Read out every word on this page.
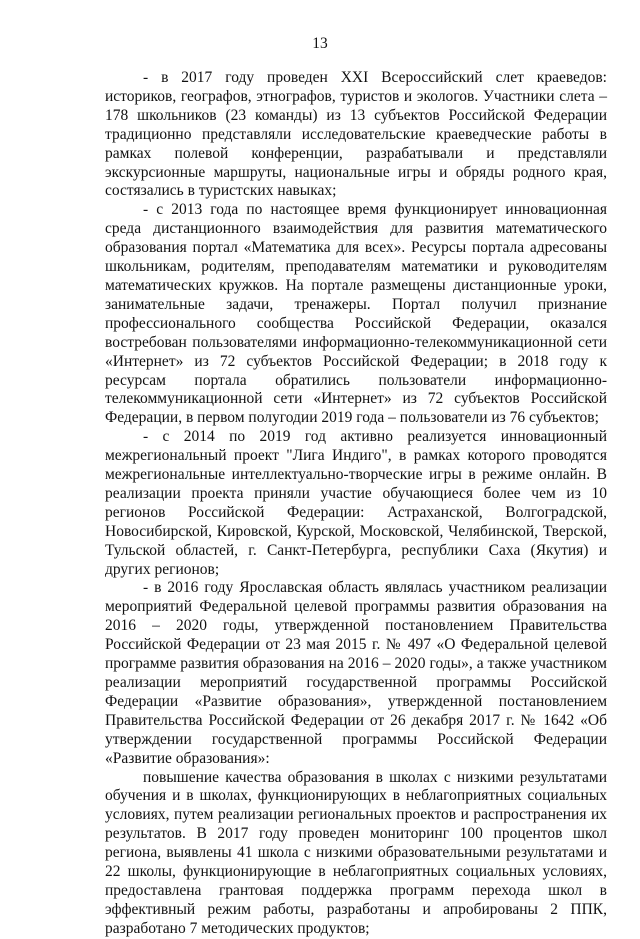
13

- в 2017 году проведен XXI Всероссийский слет краеведов: историков, географов, этнографов, туристов и экологов. Участники слета – 178 школьников (23 команды) из 13 субъектов Российской Федерации традиционно представляли исследовательские краеведческие работы в рамках полевой конференции, разрабатывали и представляли экскурсионные маршруты, национальные игры и обряды родного края, состязались в туристских навыках;

- с 2013 года по настоящее время функционирует инновационная среда дистанционного взаимодействия для развития математического образования портал «Математика для всех». Ресурсы портала адресованы школьникам, родителям, преподавателям математики и руководителям математических кружков. На портале размещены дистанционные уроки, занимательные задачи, тренажеры. Портал получил признание профессионального сообщества Российской Федерации, оказался востребован пользователями информационно-телекоммуникационной сети «Интернет» из 72 субъектов Российской Федерации; в 2018 году к ресурсам портала обратились пользователи информационно-телекоммуникационной сети «Интернет» из 72 субъектов Российской Федерации, в первом полугодии 2019 года – пользователи из 76 субъектов;

- с 2014 по 2019 год активно реализуется инновационный межрегиональный проект "Лига Индиго", в рамках которого проводятся межрегиональные интеллектуально-творческие игры в режиме онлайн. В реализации проекта приняли участие обучающиеся более чем из 10 регионов Российской Федерации: Астраханской, Волгоградской, Новосибирской, Кировской, Курской, Московской, Челябинской, Тверской, Тульской областей, г. Санкт-Петербурга, республики Саха (Якутия) и других регионов;

- в 2016 году Ярославская область являлась участником реализации мероприятий Федеральной целевой программы развития образования на 2016 – 2020 годы, утвержденной постановлением Правительства Российской Федерации от 23 мая 2015 г. № 497 «О Федеральной целевой программе развития образования на 2016 – 2020 годы», а также участником реализации мероприятий государственной программы Российской Федерации «Развитие образования», утвержденной постановлением Правительства Российской Федерации от 26 декабря 2017 г. № 1642 «Об утверждении государственной программы Российской Федерации «Развитие образования»:

повышение качества образования в школах с низкими результатами обучения и в школах, функционирующих в неблагоприятных социальных условиях, путем реализации региональных проектов и распространения их результатов. В 2017 году проведен мониторинг 100 процентов школ региона, выявлены 41 школа с низкими образовательными результатами и 22 школы, функционирующие в неблагоприятных социальных условиях, предоставлена грантовая поддержка программ перехода школ в эффективный режим работы, разработаны и апробированы 2 ППК, разработано 7 методических продуктов;
